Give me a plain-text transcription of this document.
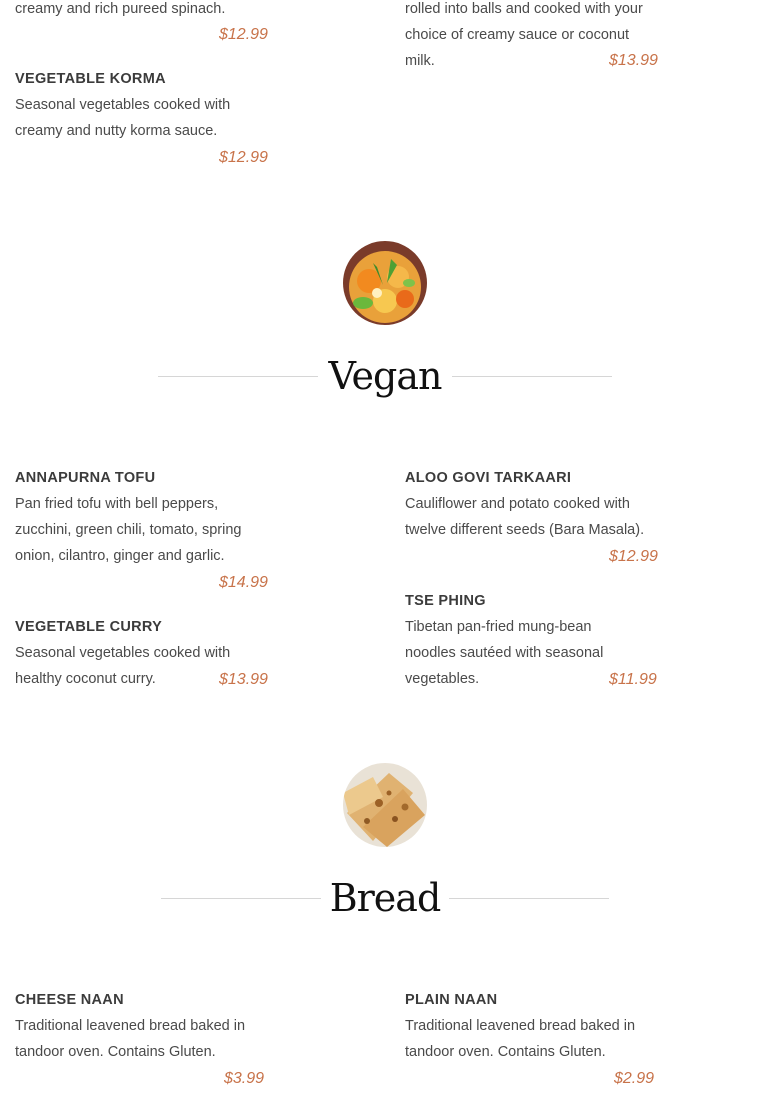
creamy and rich pureed spinach.
$12.99
rolled into balls and cooked with your
choice of creamy sauce or coconut
milk.	$13.99
VEGETABLE KORMA
Seasonal vegetables cooked with
creamy and nutty korma sauce.
$12.99
Vegan
ANNAPURNA TOFU
Pan fried tofu with bell peppers,
zucchini, green chili, tomato, spring
onion, cilantro, ginger and garlic.
$14.99
ALOO GOVI TARKAARI
Cauliflower and potato cooked with
twelve different seeds (Bara Masala).
$12.99
VEGETABLE CURRY
Seasonal vegetables cooked with
healthy coconut curry.	$13.99
TSE PHING
Tibetan pan-fried mung-bean
noodles sautéed with seasonal
vegetables.	$11.99
Bread
CHEESE NAAN
Traditional leavened bread baked in
tandoor oven. Contains Gluten.
$3.99
PLAIN NAAN
Traditional leavened bread baked in
tandoor oven. Contains Gluten.
$2.99
